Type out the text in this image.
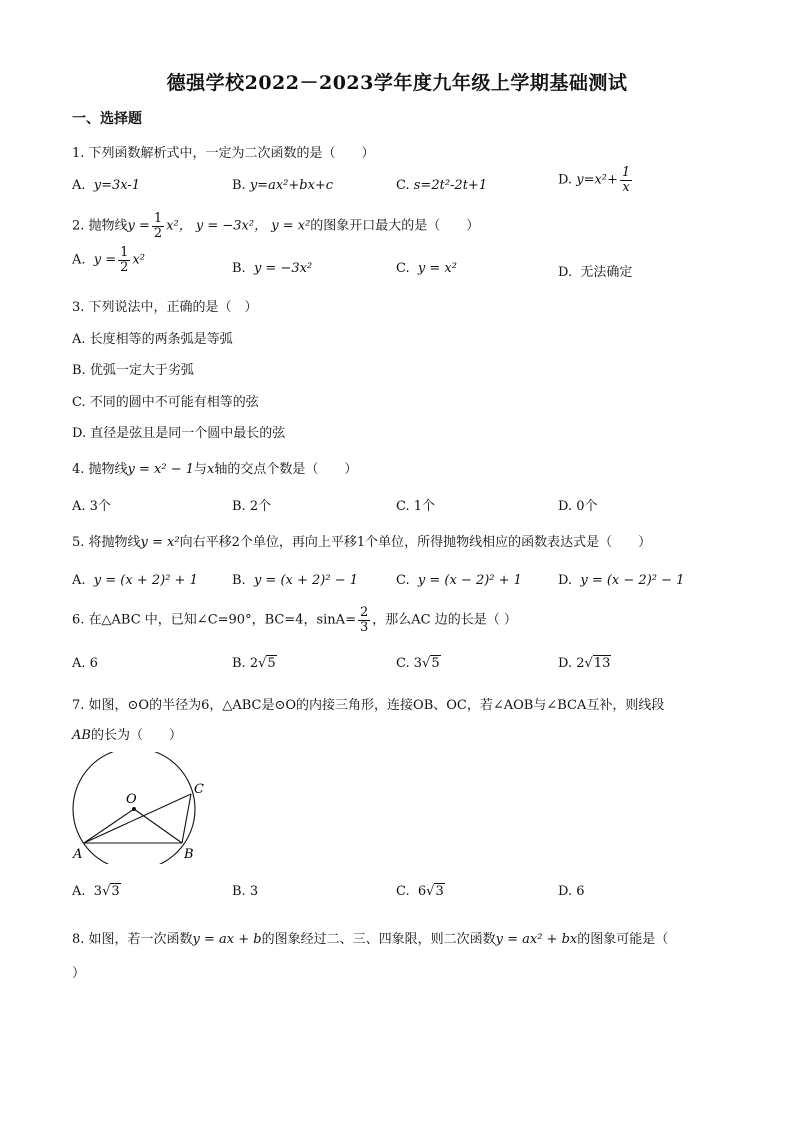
德强学校2022－2023学年度九年级上学期基础测试
一、选择题
1. 下列函数解析式中，一定为二次函数的是（　　）
A. y=3x-1	B. y=ax²+bx+c	C. s=2t²-2t+1	D. $y=x^2+ \frac{1}{x}$
2. 抛物线$y = \frac{1}{2} x^2$， y = −3x²， y = x²的图象开口最大的是（　　）
A. $y = \frac{1}{2} x^2$
B. y = −3x²	C. y = x²	D. 无法确定
3. 下列说法中，正确的是（　）
A. 长度相等的两条弧是等弧
B. 优弧一定大于劣弧
C. 不同的圆中不可能有相等的弦
D. 直径是弦且是同一个圆中最长的弦
4. 抛物线y = x² − 1与x轴的交点个数是（　　）
A. 3个	B. 2个	C. 1个	D. 0个
5. 将抛物线y = x²向右平移2个单位，再向上平移1个单位，所得抛物线相应的函数表达式是（　　）
A. y = (x + 2)² + 1	B. y = (x + 2)² − 1	C. y = (x − 2)² + 1	D. y = (x − 2)² − 1
6. 在△ABC 中，已知∠C=90°，BC=4，$\sin A= \frac{2}{3}$ ，那么AC 边的长是（ ）
A. 6	B. 2√5	C. 3√5	D. 2√13
7. 如图，⊙O的半径为6，△ABC是⊙O的内接三角形，连接OB、OC，若∠AOB与∠BCA互补，则线段
AB的长为（　　）
O
A	B
C
A. 3√3	B. 3	C. 6√3	D. 6
8. 如图，若一次函数y = ax + b的图象经过二、三、四象限，则二次函数y = ax² + bx的图象可能是（
）
